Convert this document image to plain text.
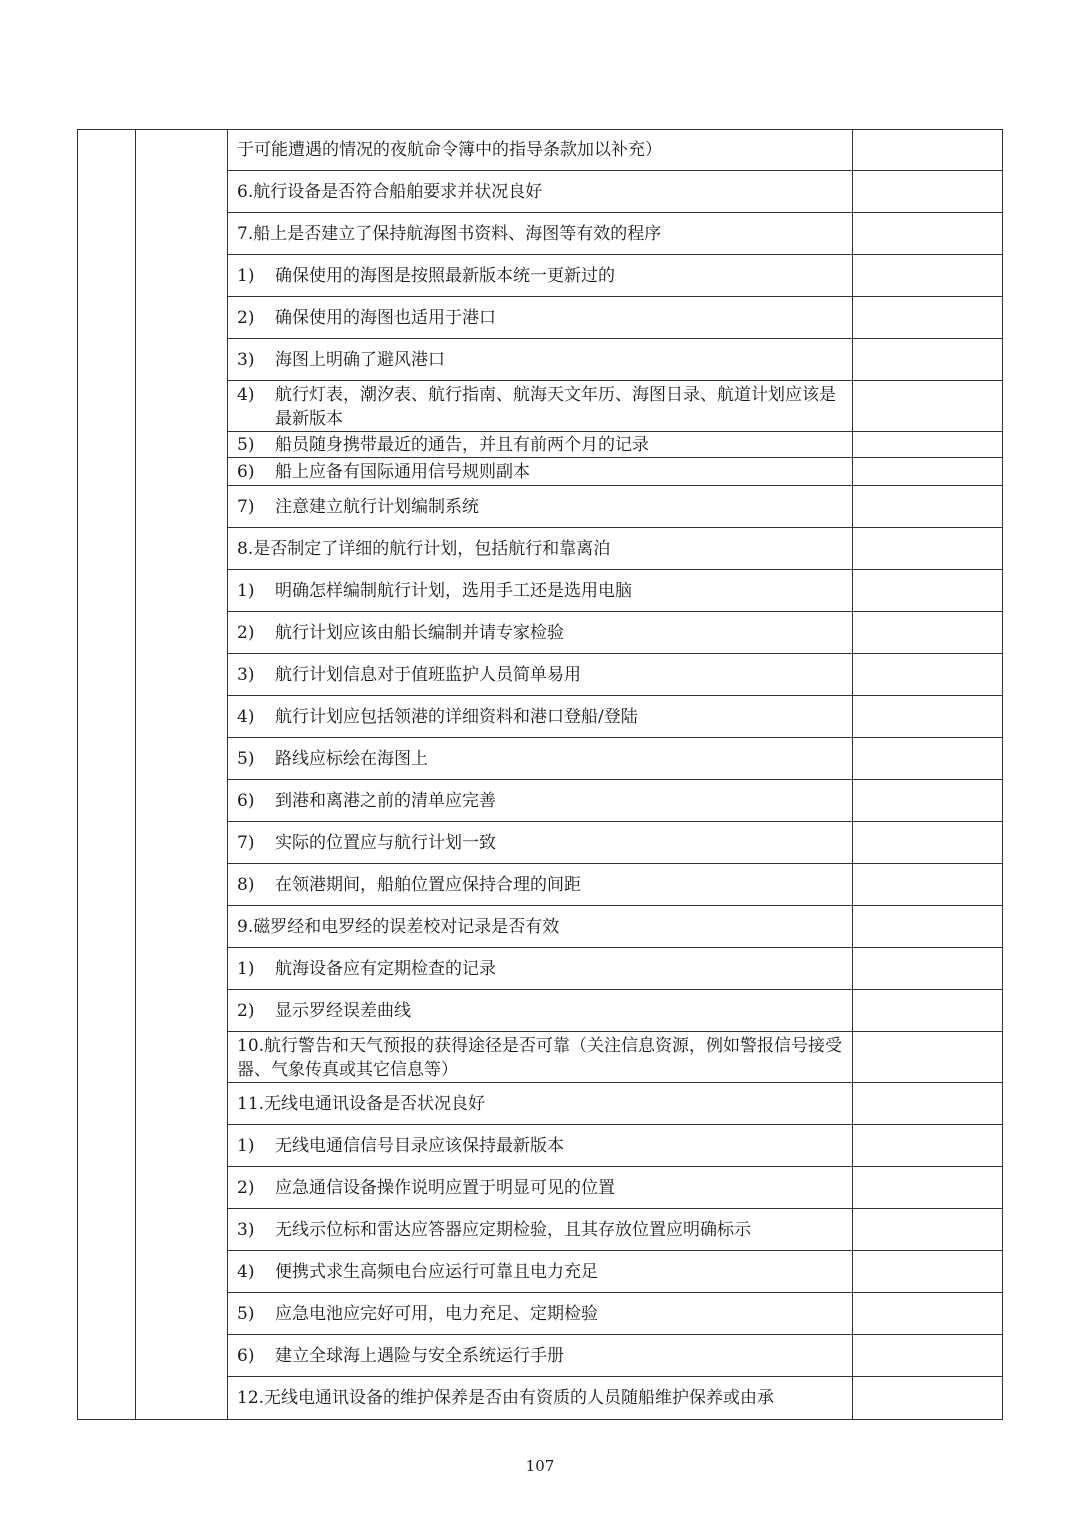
于可能遭遇的情况的夜航命令簿中的指导条款加以补充）
6.航行设备是否符合船舶要求并状况良好
7.船上是否建立了保持航海图书资料、海图等有效的程序
1)	确保使用的海图是按照最新版本统一更新过的
2)	确保使用的海图也适用于港口
3)	海图上明确了避风港口
4)	航行灯表，潮汐表、航行指南、航海天文年历、海图日录、航道计划应该是最新版本
5)	船员随身携带最近的通告，并且有前两个月的记录
6)	船上应备有国际通用信号规则副本
7)	注意建立航行计划编制系统
8.是否制定了详细的航行计划，包括航行和靠离泊
1)	明确怎样编制航行计划，选用手工还是选用电脑
2)	航行计划应该由船长编制并请专家检验
3)	航行计划信息对于值班监护人员简单易用
4)	航行计划应包括领港的详细资料和港口登船/登陆
5)	路线应标绘在海图上
6)	到港和离港之前的清单应完善
7)	实际的位置应与航行计划一致
8)	在领港期间，船舶位置应保持合理的间距
9.磁罗经和电罗经的误差校对记录是否有效
1)	航海设备应有定期检查的记录
2)	显示罗经误差曲线
10.航行警告和天气预报的获得途径是否可靠（关注信息资源，例如警报信号接受器、气象传真或其它信息等）
11.无线电通讯设备是否状况良好
1)	无线电通信信号目录应该保持最新版本
2)	应急通信设备操作说明应置于明显可见的位置
3)	无线示位标和雷达应答器应定期检验，且其存放位置应明确标示
4)	便携式求生高频电台应运行可靠且电力充足
5)	应急电池应完好可用，电力充足、定期检验
6)	建立全球海上遇险与安全系统运行手册
12.无线电通讯设备的维护保养是否由有资质的人员随船维护保养或由承
107
